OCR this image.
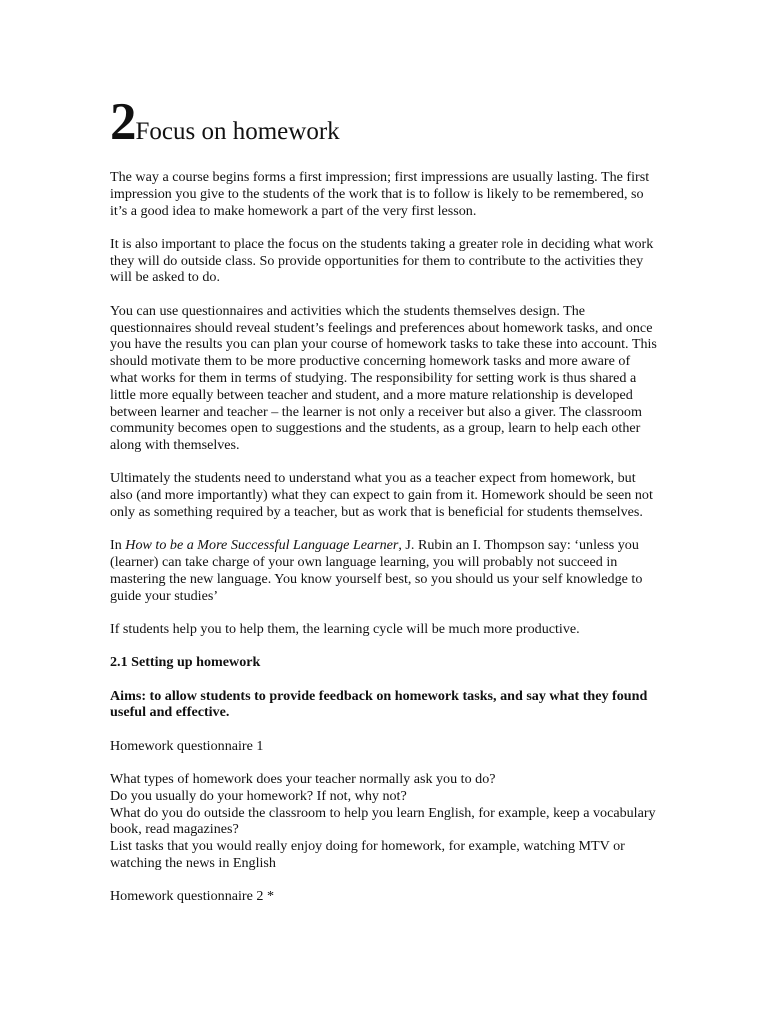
2Focus on homework

The way a course begins forms a first impression; first impressions are usually lasting. The first impression you give to the students of the work that is to follow is likely to be remembered, so it’s a good idea to make homework a part of the very first lesson.

It is also important to place the focus on the students taking a greater role in deciding what work they will do outside class. So provide opportunities for them to contribute to the activities they will be asked to do.

You can use questionnaires and activities which the students themselves design. The questionnaires should reveal student’s feelings and preferences about homework tasks, and once you have the results you can plan your course of homework tasks to take these into account. This should motivate them to be more productive concerning homework tasks and more aware of what works for them in terms of studying. The responsibility for setting work is thus shared a little more equally between teacher and student, and a more mature relationship is developed between learner and teacher – the learner is not only a receiver but also a giver. The classroom community becomes open to suggestions and the students, as a group, learn to help each other along with themselves.

Ultimately the students need to understand what you as a teacher expect from homework, but also (and more importantly) what they can expect to gain from it. Homework should be seen not only as something required by a teacher, but as work that is beneficial for students themselves.

In How to be a More Successful Language Learner, J. Rubin an I. Thompson say: ‘unless you (learner) can take charge of your own language learning, you will probably not succeed in mastering the new language. You know yourself best, so you should us your self knowledge to guide your studies’

If students help you to help them, the learning cycle will be much more productive.

2.1 Setting up homework

Aims: to allow students to provide feedback on homework tasks, and say what they found useful and effective.

Homework questionnaire 1

What types of homework does your teacher normally ask you to do?

Do you usually do your homework? If not, why not?

What do you do outside the classroom to help you learn English, for example, keep a vocabulary book, read magazines?

List tasks that you would really enjoy doing for homework, for example, watching MTV or watching the news in English

Homework questionnaire 2 *
